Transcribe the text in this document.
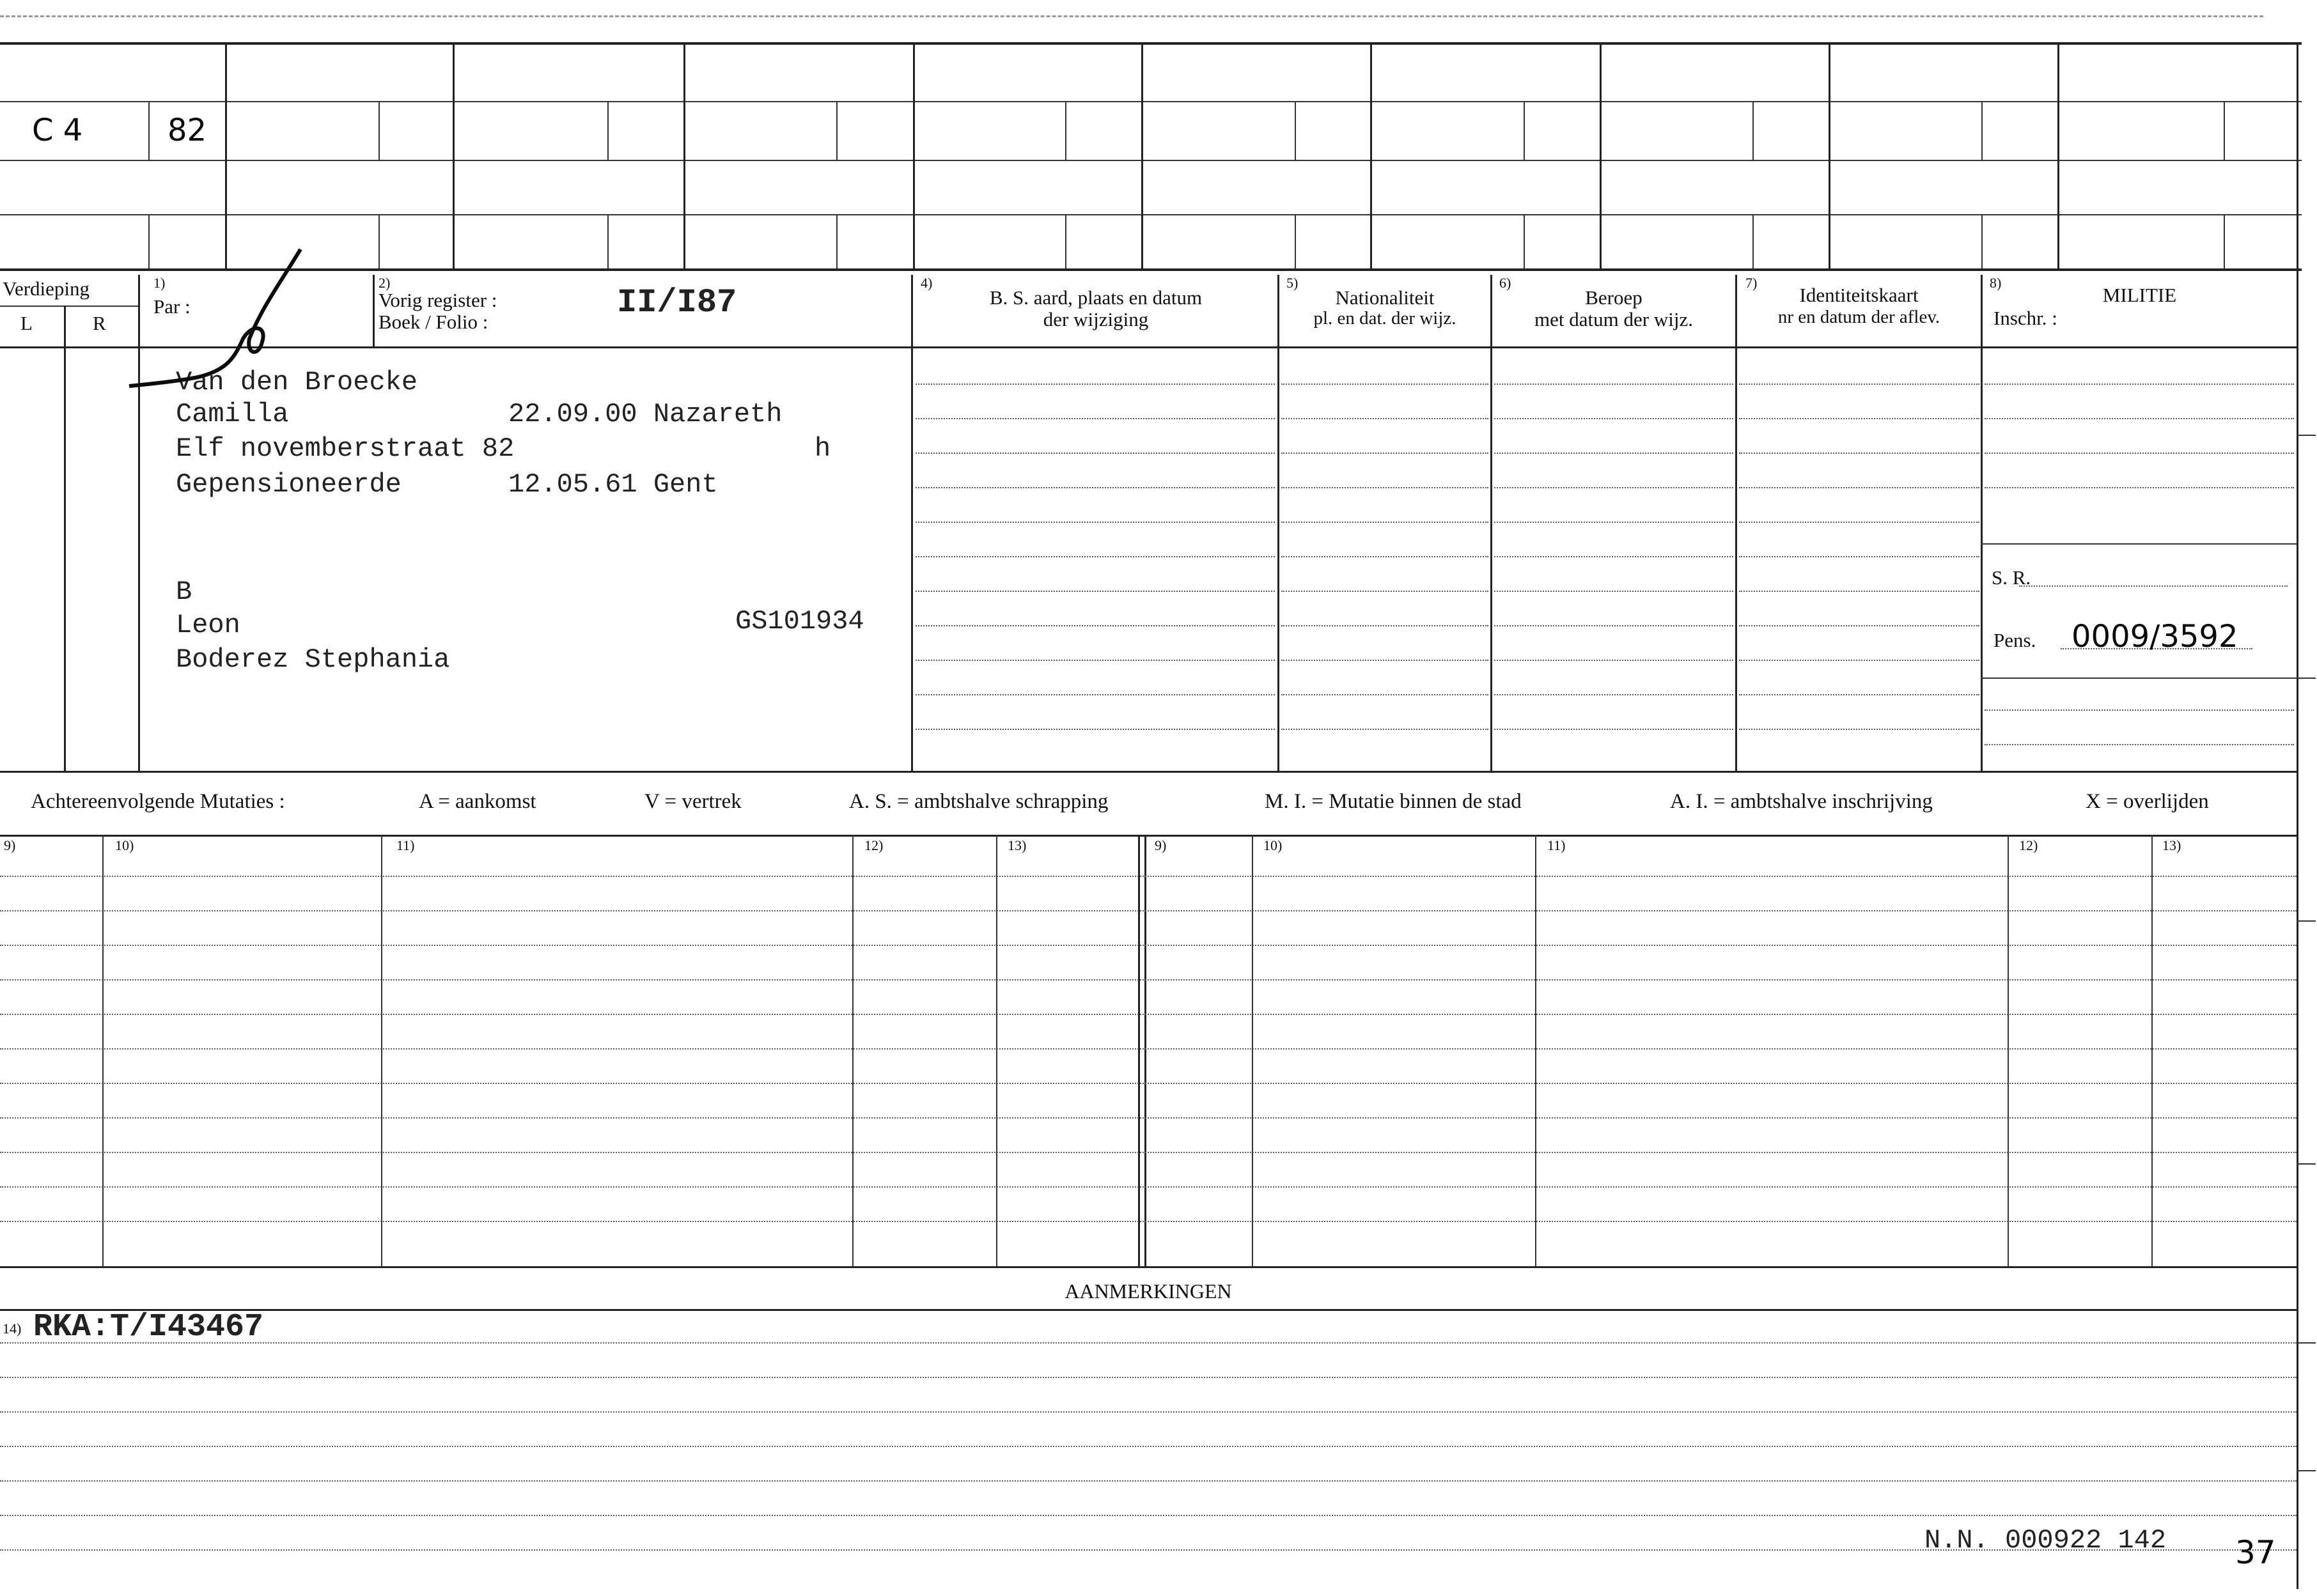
C 4	82
Verdieping
L	R
1)
Par :
2)
Vorig register :
Boek / Folio :
II/I87
4)
B. S. aard, plaats en datum
der wijziging
5)
Nationaliteit
pl. en dat. der wijz.
6)
Beroep
met datum der wijz.
7)
Identiteitskaart
nr en datum der aflev.
8)
MILITIE
Inschr. :
S. R.
Pens. 0009/3592
Van den Broecke
Camilla	22.09.00 Nazareth
Elf novemberstraat 82	h
Gepensioneerde	12.05.61 Gent
B
Leon	GS101934
Boderez Stephania
Achtereenvolgende Mutaties :	A = aankomst	V = vertrek	A. S. = ambtshalve schrapping	M. I. = Mutatie binnen de stad	A. I. = ambtshalve inschrijving	X = overlijden
9)	10)	11)	12)	13)	9)	10)	11)	12)	13)
AANMERKINGEN
14) RKA:T/I43467
N.N. 000922 142 37
